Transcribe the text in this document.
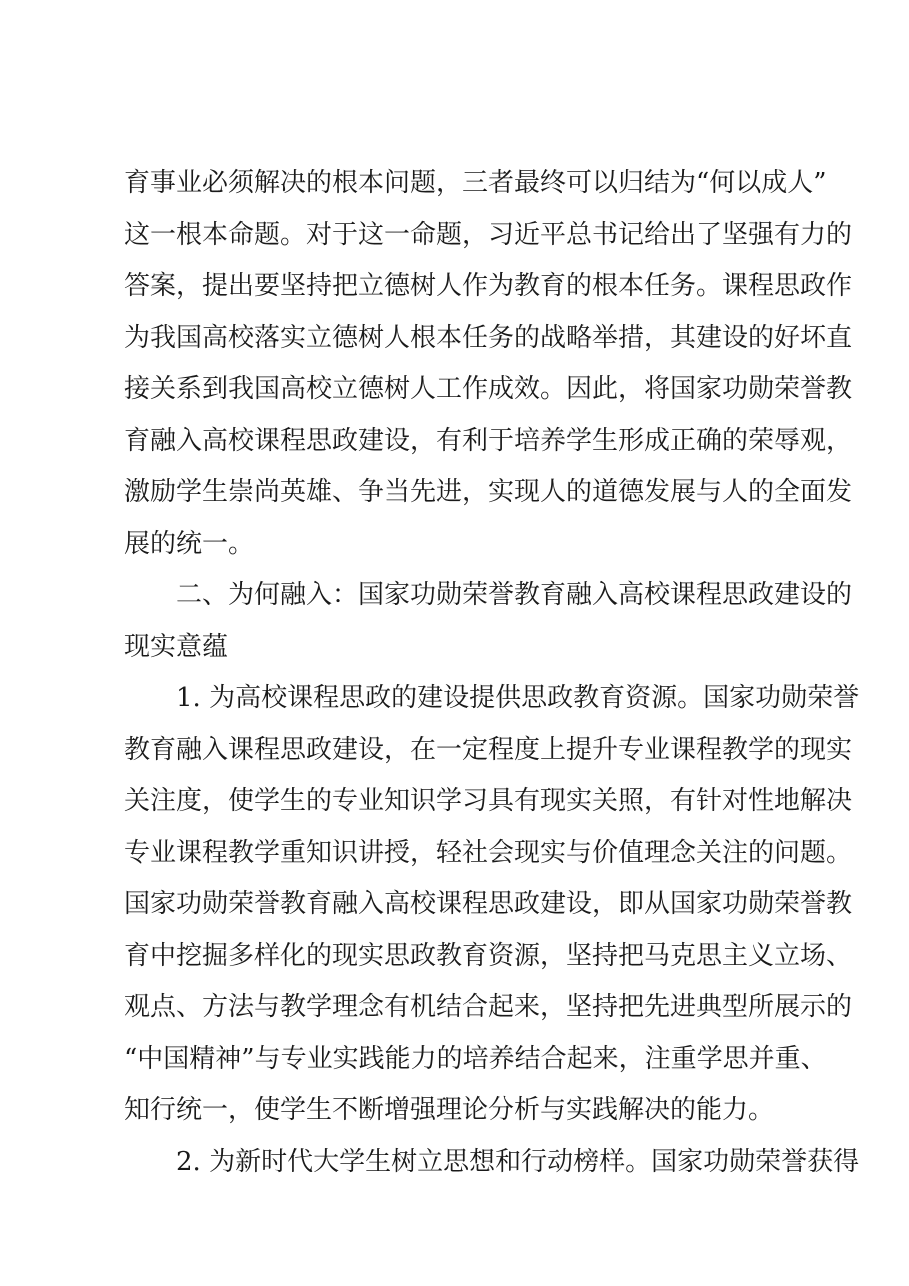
育事业必须解决的根本问题，三者最终可以归结为“何以成人”
这一根本命题。对于这一命题，习近平总书记给出了坚强有力的
答案，提出要坚持把立德树人作为教育的根本任务。课程思政作
为我国高校落实立德树人根本任务的战略举措，其建设的好坏直
接关系到我国高校立德树人工作成效。因此，将国家功勋荣誉教
育融入高校课程思政建设，有利于培养学生形成正确的荣辱观，
激励学生崇尚英雄、争当先进，实现人的道德发展与人的全面发
展的统一。
二、为何融入：国家功勋荣誉教育融入高校课程思政建设的
现实意蕴
1. 为高校课程思政的建设提供思政教育资源。国家功勋荣誉
教育融入课程思政建设，在一定程度上提升专业课程教学的现实
关注度，使学生的专业知识学习具有现实关照，有针对性地解决
专业课程教学重知识讲授，轻社会现实与价值理念关注的问题。
国家功勋荣誉教育融入高校课程思政建设，即从国家功勋荣誉教
育中挖掘多样化的现实思政教育资源，坚持把马克思主义立场、
观点、方法与教学理念有机结合起来，坚持把先进典型所展示的
“中国精神”与专业实践能力的培养结合起来，注重学思并重、
知行统一，使学生不断增强理论分析与实践解决的能力。
2. 为新时代大学生树立思想和行动榜样。国家功勋荣誉获得
